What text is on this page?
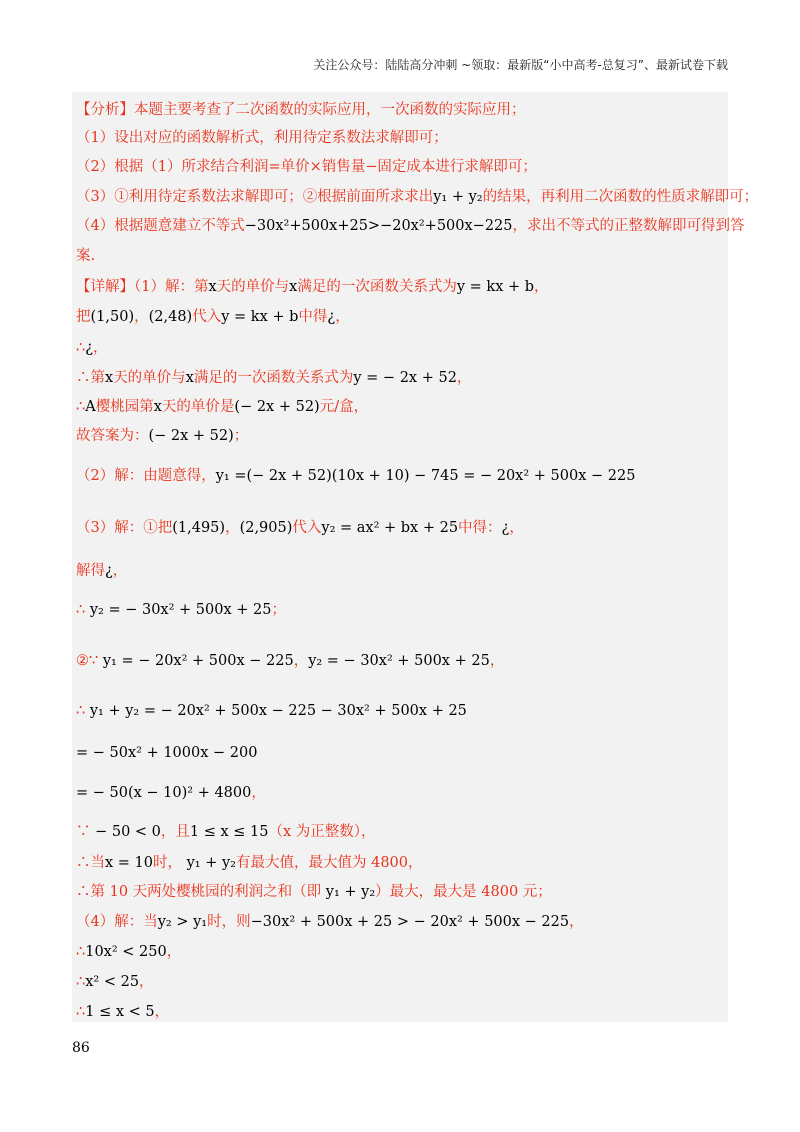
关注公众号：陆陆高分冲刺 ~领取：最新版“小中高考-总复习”、最新试卷下载
【分析】本题主要考查了二次函数的实际应用，一次函数的实际应用；
（1）设出对应的函数解析式，利用待定系数法求解即可；
（2）根据（1）所求结合利润=单价×销售量−固定成本进行求解即可；
（3）①利用待定系数法求解即可；②根据前面所求求出y₁ + y₂的结果，再利用二次函数的性质求解即可；
（4）根据题意建立不等式−30x²+500x+25>−20x²+500x−225，求出不等式的正整数解即可得到答
案.
【详解】（1）解：第x天的单价与x满足的一次函数关系式为y = kx + b，
把(1,50)，(2,48)代入y = kx + b中得¿，
∴¿，
∴第x天的单价与x满足的一次函数关系式为y = − 2x + 52，
∴A樱桃园第x天的单价是(− 2x + 52)元/盒，
故答案为：(− 2x + 52)；
（2）解：由题意得，y₁ =(− 2x + 52)(10x + 10) − 745 = − 20x² + 500x − 225
（3）解：①把(1,495)，(2,905)代入y₂ = ax² + bx + 25中得：¿，
解得¿，
∴ y₂ = − 30x² + 500x + 25；
②∵ y₁ = − 20x² + 500x − 225，y₂ = − 30x² + 500x + 25，
∴ y₁ + y₂ = − 20x² + 500x − 225 − 30x² + 500x + 25
= − 50x² + 1000x − 200
= − 50(x − 10)² + 4800，
∵ − 50 < 0，且1 ≤ x ≤ 15（x 为正整数），
∴当x = 10时， y₁ + y₂有最大值，最大值为 4800，
∴第 10 天两处樱桃园的利润之和（即 y₁ + y₂）最大，最大是 4800 元；
（4）解：当y₂ > y₁时，则−30x² + 500x + 25 > − 20x² + 500x − 225，
∴10x² < 250，
∴x² < 25，
∴1 ≤ x < 5，
86
